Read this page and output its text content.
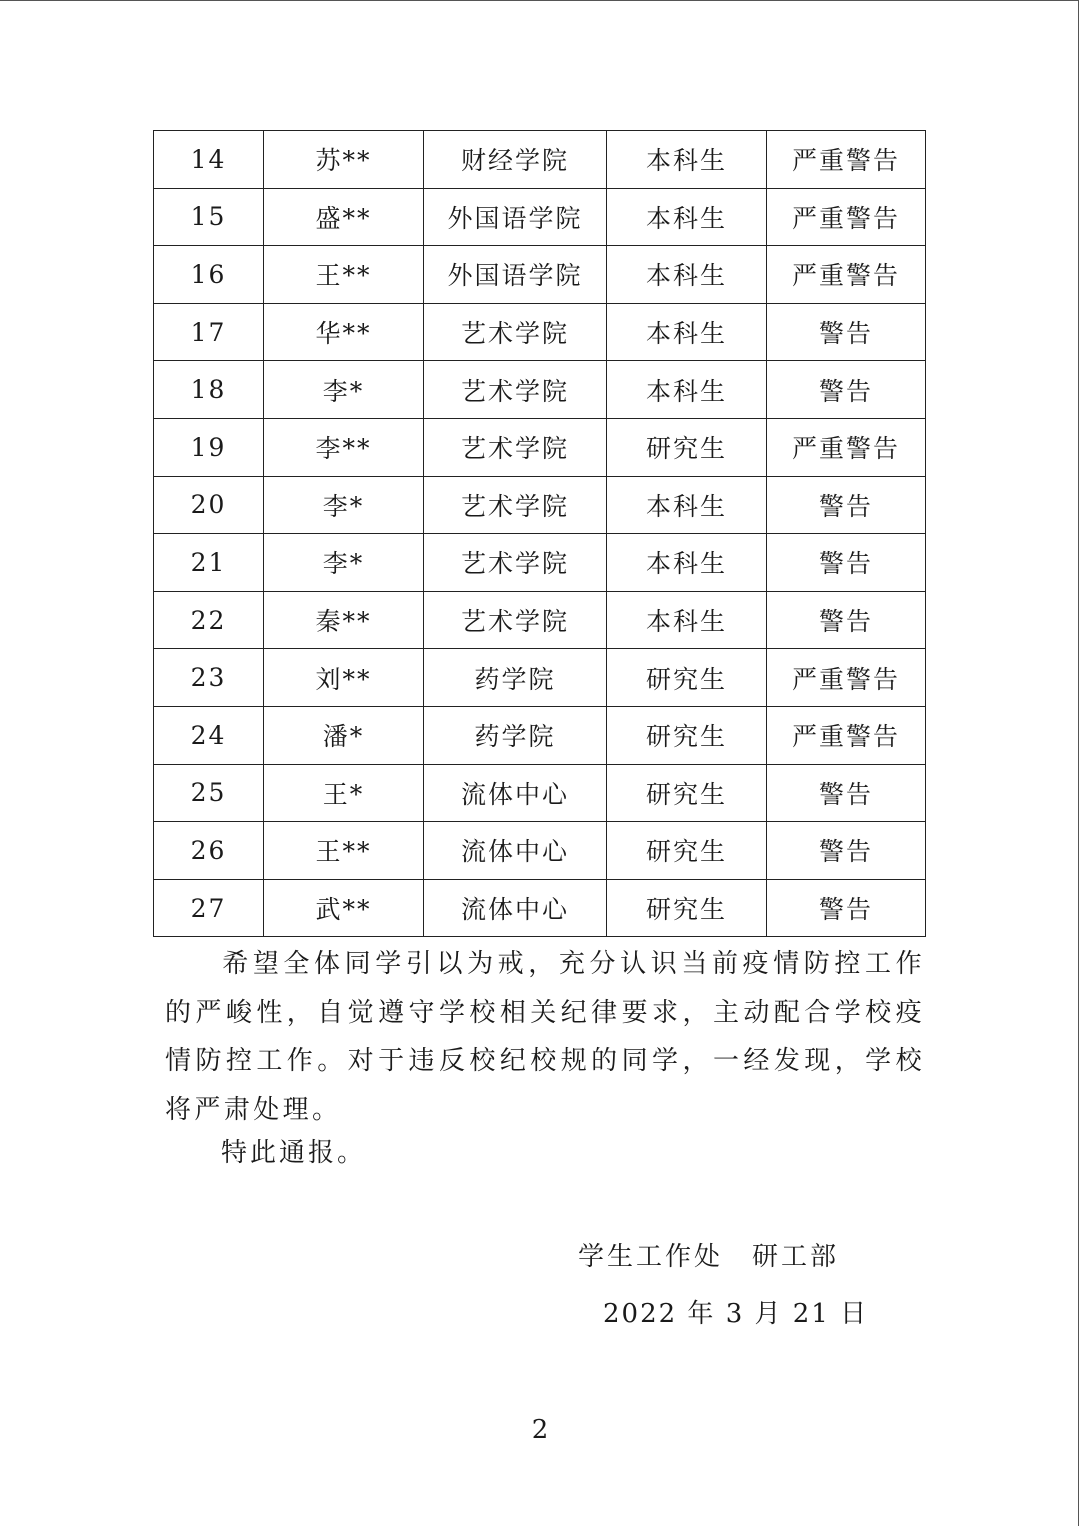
14	苏**	财经学院	本科生	严重警告
15	盛**	外国语学院	本科生	严重警告
16	王**	外国语学院	本科生	严重警告
17	华**	艺术学院	本科生	警告
18	李*	艺术学院	本科生	警告
19	李**	艺术学院	研究生	严重警告
20	李*	艺术学院	本科生	警告
21	李*	艺术学院	本科生	警告
22	秦**	艺术学院	本科生	警告
23	刘**	药学院	研究生	严重警告
24	潘*	药学院	研究生	严重警告
25	王*	流体中心	研究生	警告
26	王**	流体中心	研究生	警告
27	武**	流体中心	研究生	警告

希望全体同学引以为戒，充分认识当前疫情防控工作的严峻性，自觉遵守学校相关纪律要求，主动配合学校疫情防控工作。对于违反校纪校规的同学，一经发现，学校将严肃处理。

特此通报。

学生工作处　研工部

2022 年 3 月 21 日

2
